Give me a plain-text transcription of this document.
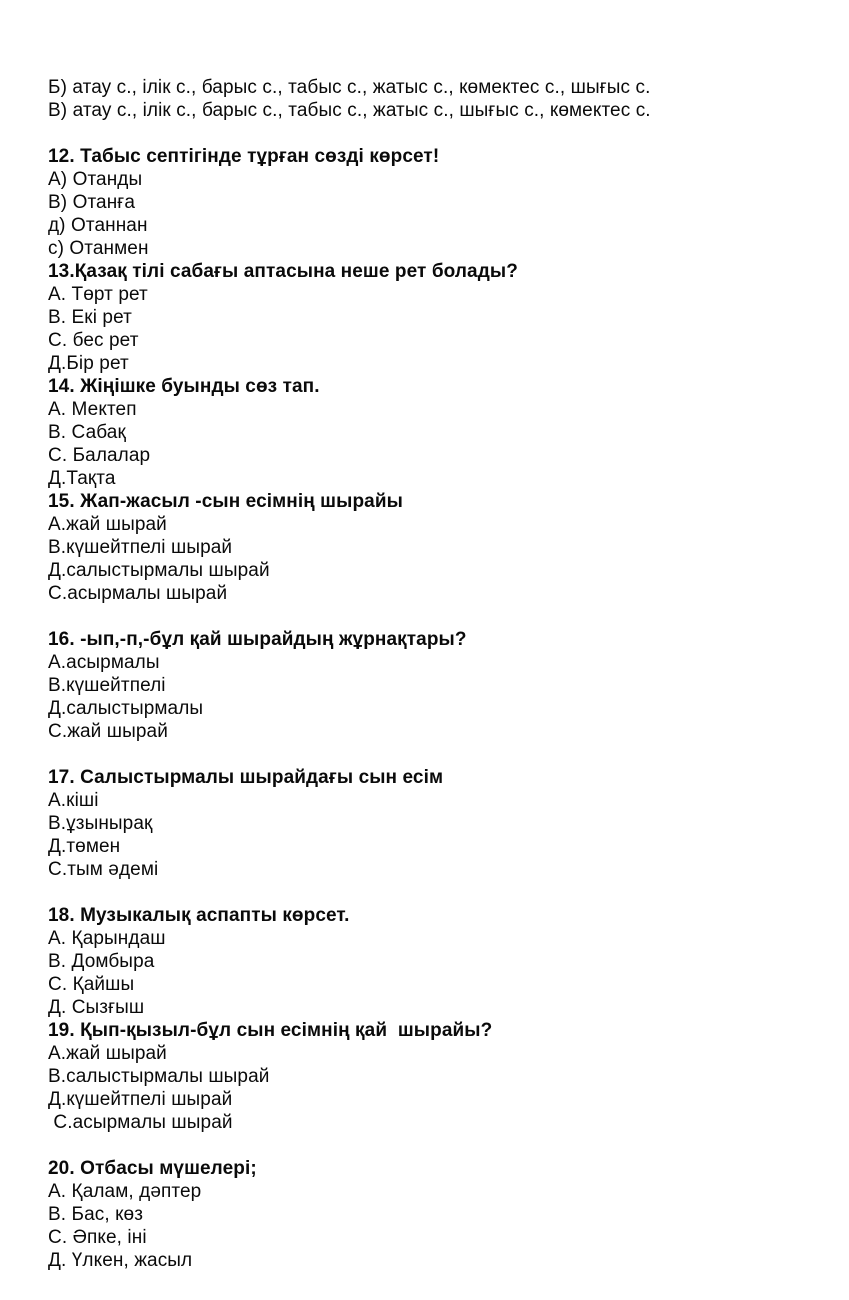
Б) атау с., ілік с., барыс с., табыс с., жатыс с., көмектес с., шығыс с.

В) атау с., ілік с., барыс с., табыс с., жатыс с., шығыс с., көмектес с.

12. Табыс септігінде тұрған сөзді көрсет!

А) Отанды

В) Отанға

д) Отаннан

с) Отанмен

13.Қазақ тілі сабағы аптасына неше рет болады?

А. Төрт рет

В. Екі рет

С. бес рет

Д.Бір рет

14. Жіңішке буынды сөз тап.

А. Мектеп

В. Сабақ

С. Балалар

Д.Тақта

15. Жап-жасыл -сын есімнің шырайы

А.жай шырай

В.күшейтпелі шырай

Д.салыстырмалы шырай

С.асырмалы шырай

16. -ып,-п,-бұл қай шырайдың жұрнақтары?

А.асырмалы

В.күшейтпелі

Д.салыстырмалы

С.жай шырай

17. Салыстырмалы шырайдағы сын есім

А.кіші

В.ұзынырақ

Д.төмен

С.тым әдемі

18. Музыкалық аспапты көрсет.

А. Қарындаш

В. Домбыра

С. Қайшы

Д. Сызғыш

19. Қып-қызыл-бұл сын есімнің қай  шырайы?

А.жай шырай

В.салыстырмалы шырай

Д.күшейтпелі шырай

С.асырмалы шырай

20. Отбасы мүшелері;

А. Қалам, дәптер

В. Бас, көз

С. Әпке, іні

Д. Үлкен, жасыл
